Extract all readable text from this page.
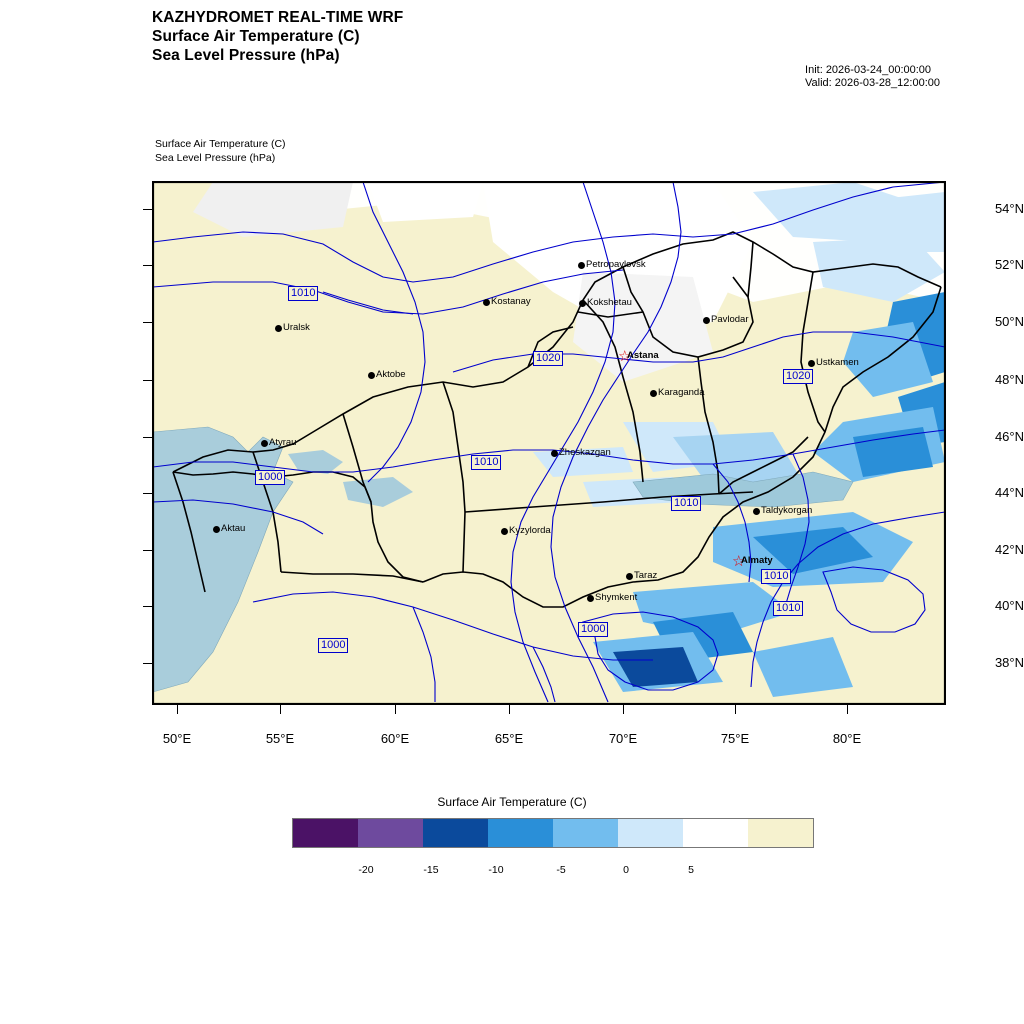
KAZHYDROMET REAL-TIME WRF
Surface Air Temperature (C)
Sea Level Pressure (hPa)
Init: 2026-03-24_00:00:00
Valid: 2026-03-28_12:00:00
Surface Air Temperature (C)
Sea Level Pressure (hPa)
54°N
52°N
50°N
48°N
46°N
44°N
42°N
40°N
38°N
50°E	55°E	60°E	65°E	70°E	75°E	80°E
1010
1020
1020
1000
1010
1010
1010
1010
1000
1000
Petropavlovsk
Kostanay	Kokshetau
Pavlodar
Uralsk
☆
Astana
Ustkamen
Aktobe
Karaganda
Zheskazgan
Atyrau
Taldykorgan
Aktau	Kyzylorda
☆
Almaty
Taraz
Shymkent
Surface Air Temperature (C)
-20	-15	-10	-5	0	5
